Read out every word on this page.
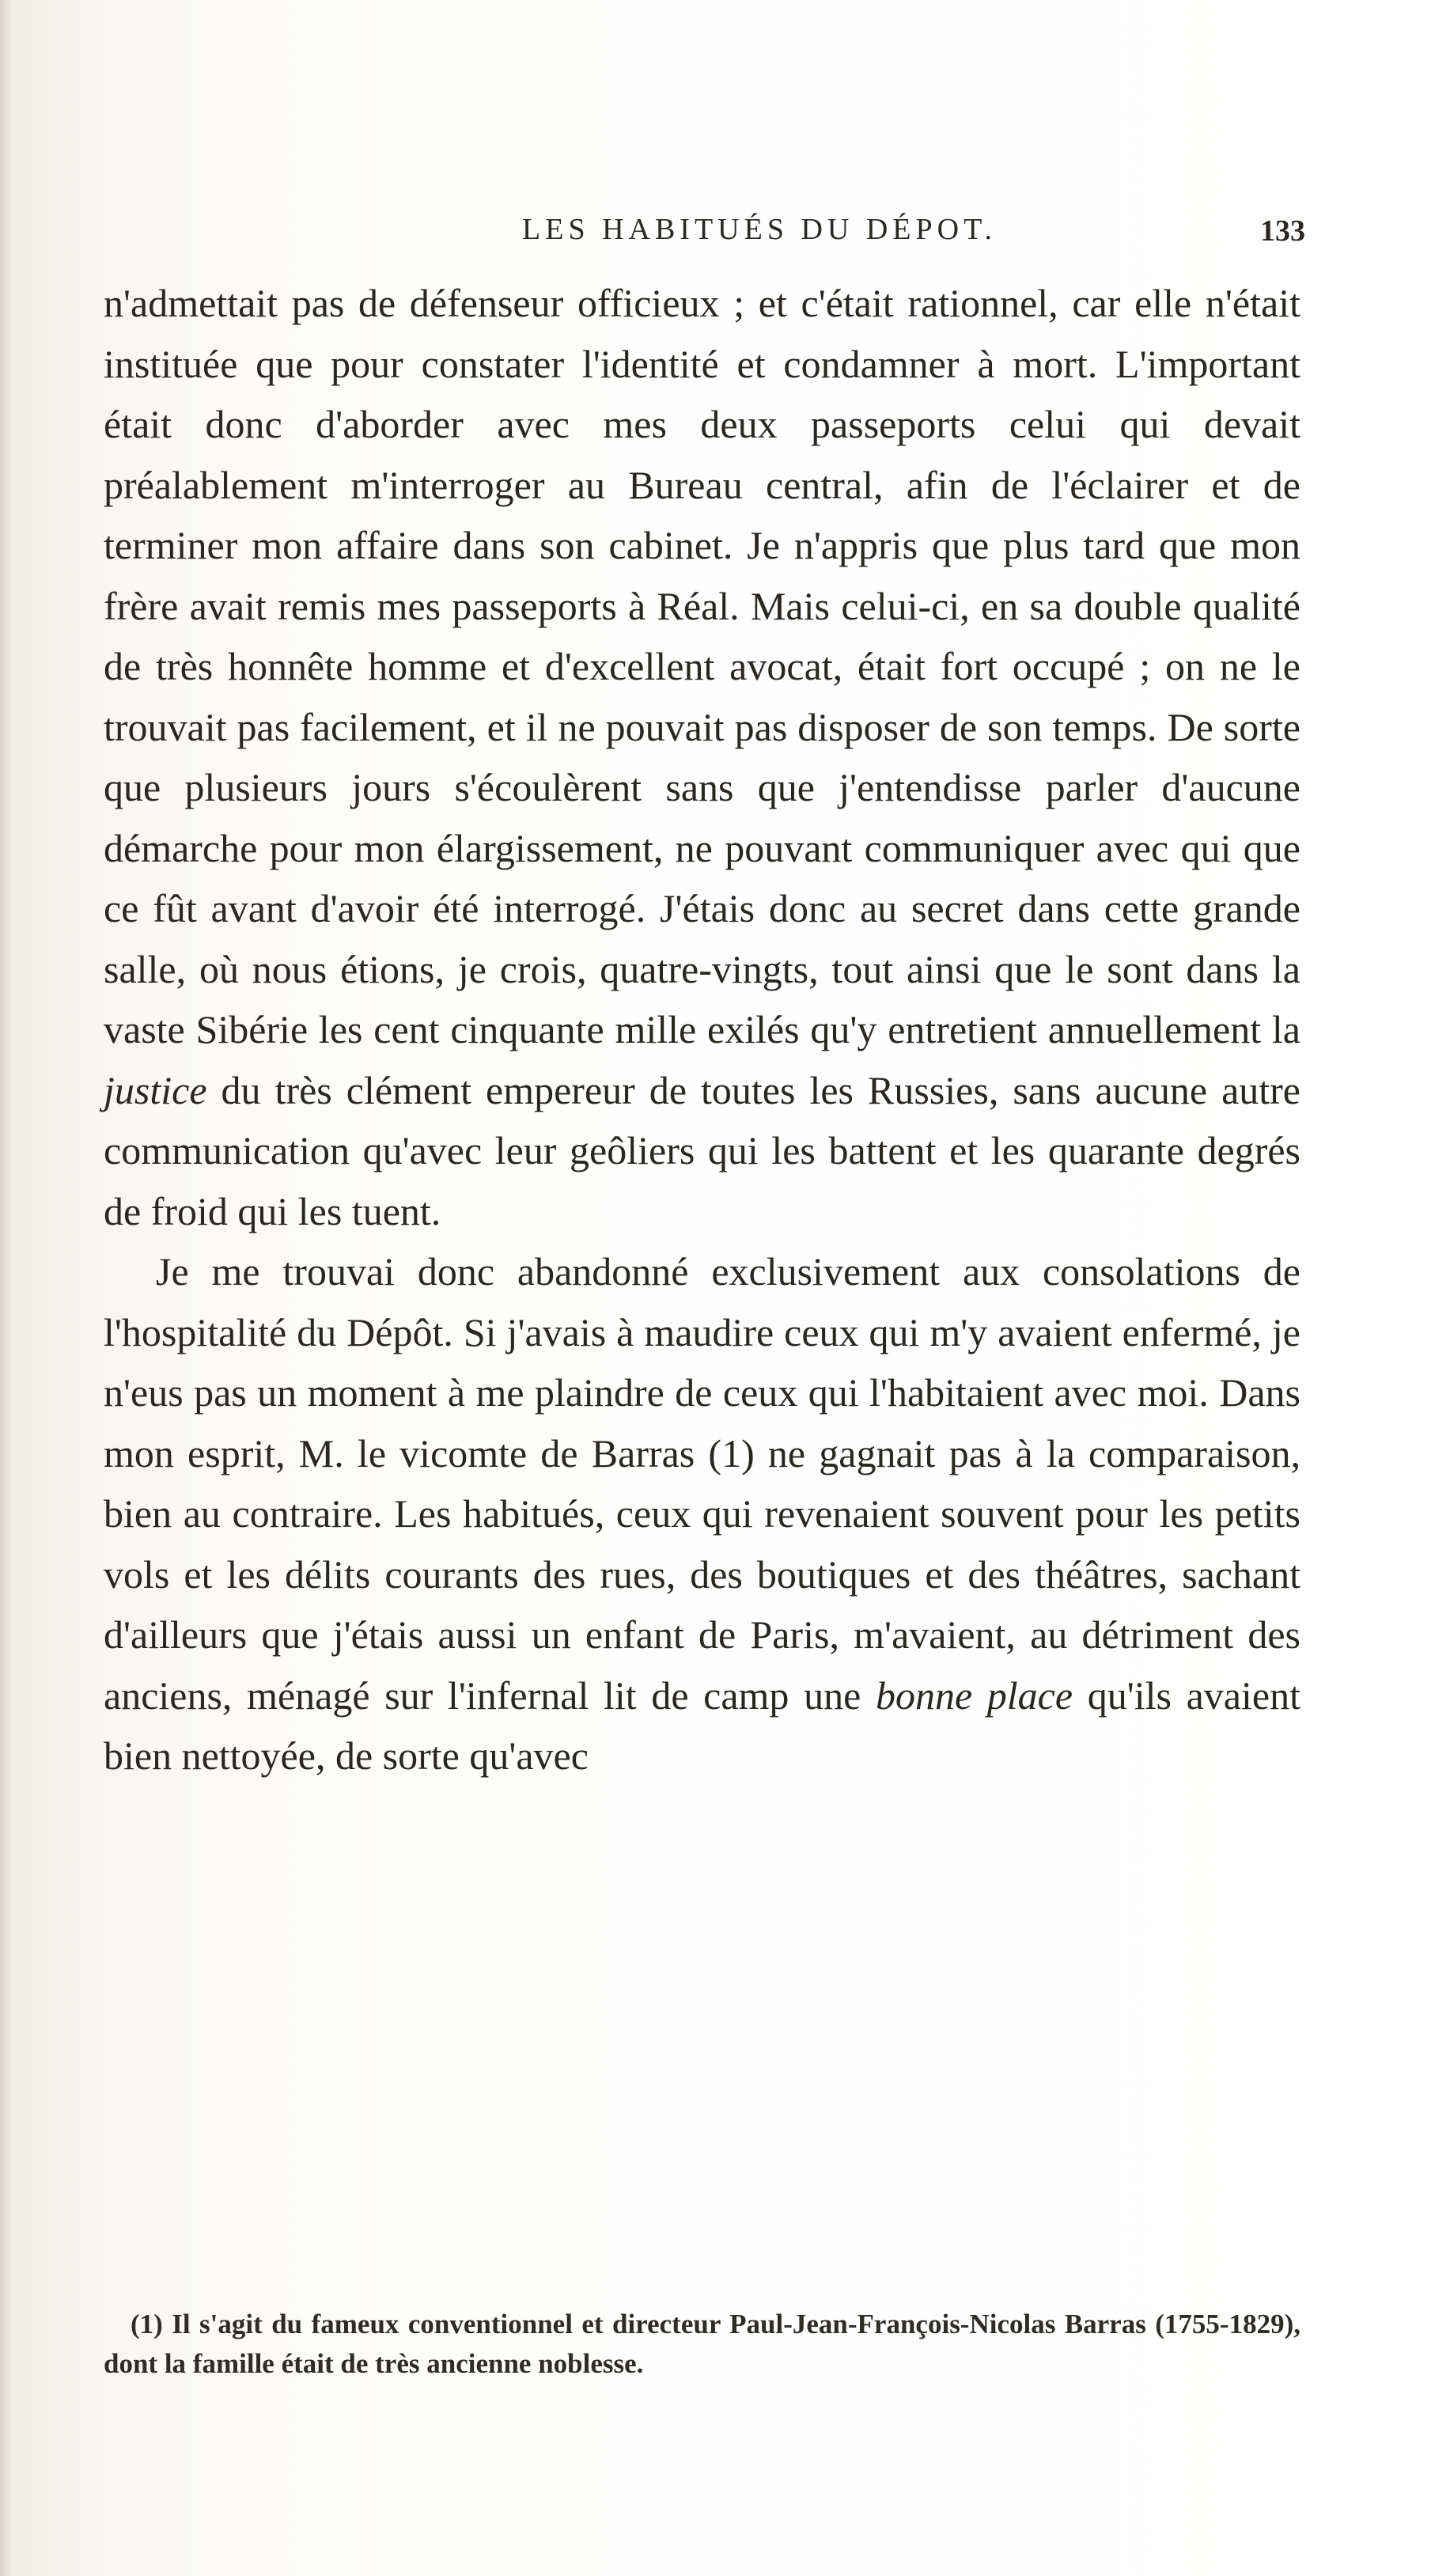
LES HABITUÉS DU DÉPOT.	133

n'admettait pas de défenseur officieux ; et c'était rationnel, car elle n'était instituée que pour constater l'identité et condamner à mort. L'important était donc d'aborder avec mes deux passeports celui qui devait préalablement m'interroger au Bureau central, afin de l'éclairer et de terminer mon affaire dans son cabinet. Je n'appris que plus tard que mon frère avait remis mes passeports à Réal. Mais celui-ci, en sa double qualité de très honnête homme et d'excellent avocat, était fort occupé ; on ne le trouvait pas facilement, et il ne pouvait pas disposer de son temps. De sorte que plusieurs jours s'écoulèrent sans que j'entendisse parler d'aucune démarche pour mon élargissement, ne pouvant communiquer avec qui que ce fût avant d'avoir été interrogé. J'étais donc au secret dans cette grande salle, où nous étions, je crois, quatre-vingts, tout ainsi que le sont dans la vaste Sibérie les cent cinquante mille exilés qu'y entretient annuellement la justice du très clément empereur de toutes les Russies, sans aucune autre communication qu'avec leur geôliers qui les battent et les quarante degrés de froid qui les tuent.

Je me trouvai donc abandonné exclusivement aux consolations de l'hospitalité du Dépôt. Si j'avais à maudire ceux qui m'y avaient enfermé, je n'eus pas un moment à me plaindre de ceux qui l'habitaient avec moi. Dans mon esprit, M. le vicomte de Barras (1) ne gagnait pas à la comparaison, bien au contraire. Les habitués, ceux qui revenaient souvent pour les petits vols et les délits courants des rues, des boutiques et des théâtres, sachant d'ailleurs que j'étais aussi un enfant de Paris, m'avaient, au détriment des anciens, ménagé sur l'infernal lit de camp une bonne place qu'ils avaient bien nettoyée, de sorte qu'avec

(1) Il s'agit du fameux conventionnel et directeur Paul-Jean-François-Nicolas Barras (1755-1829), dont la famille était de très ancienne noblesse.
